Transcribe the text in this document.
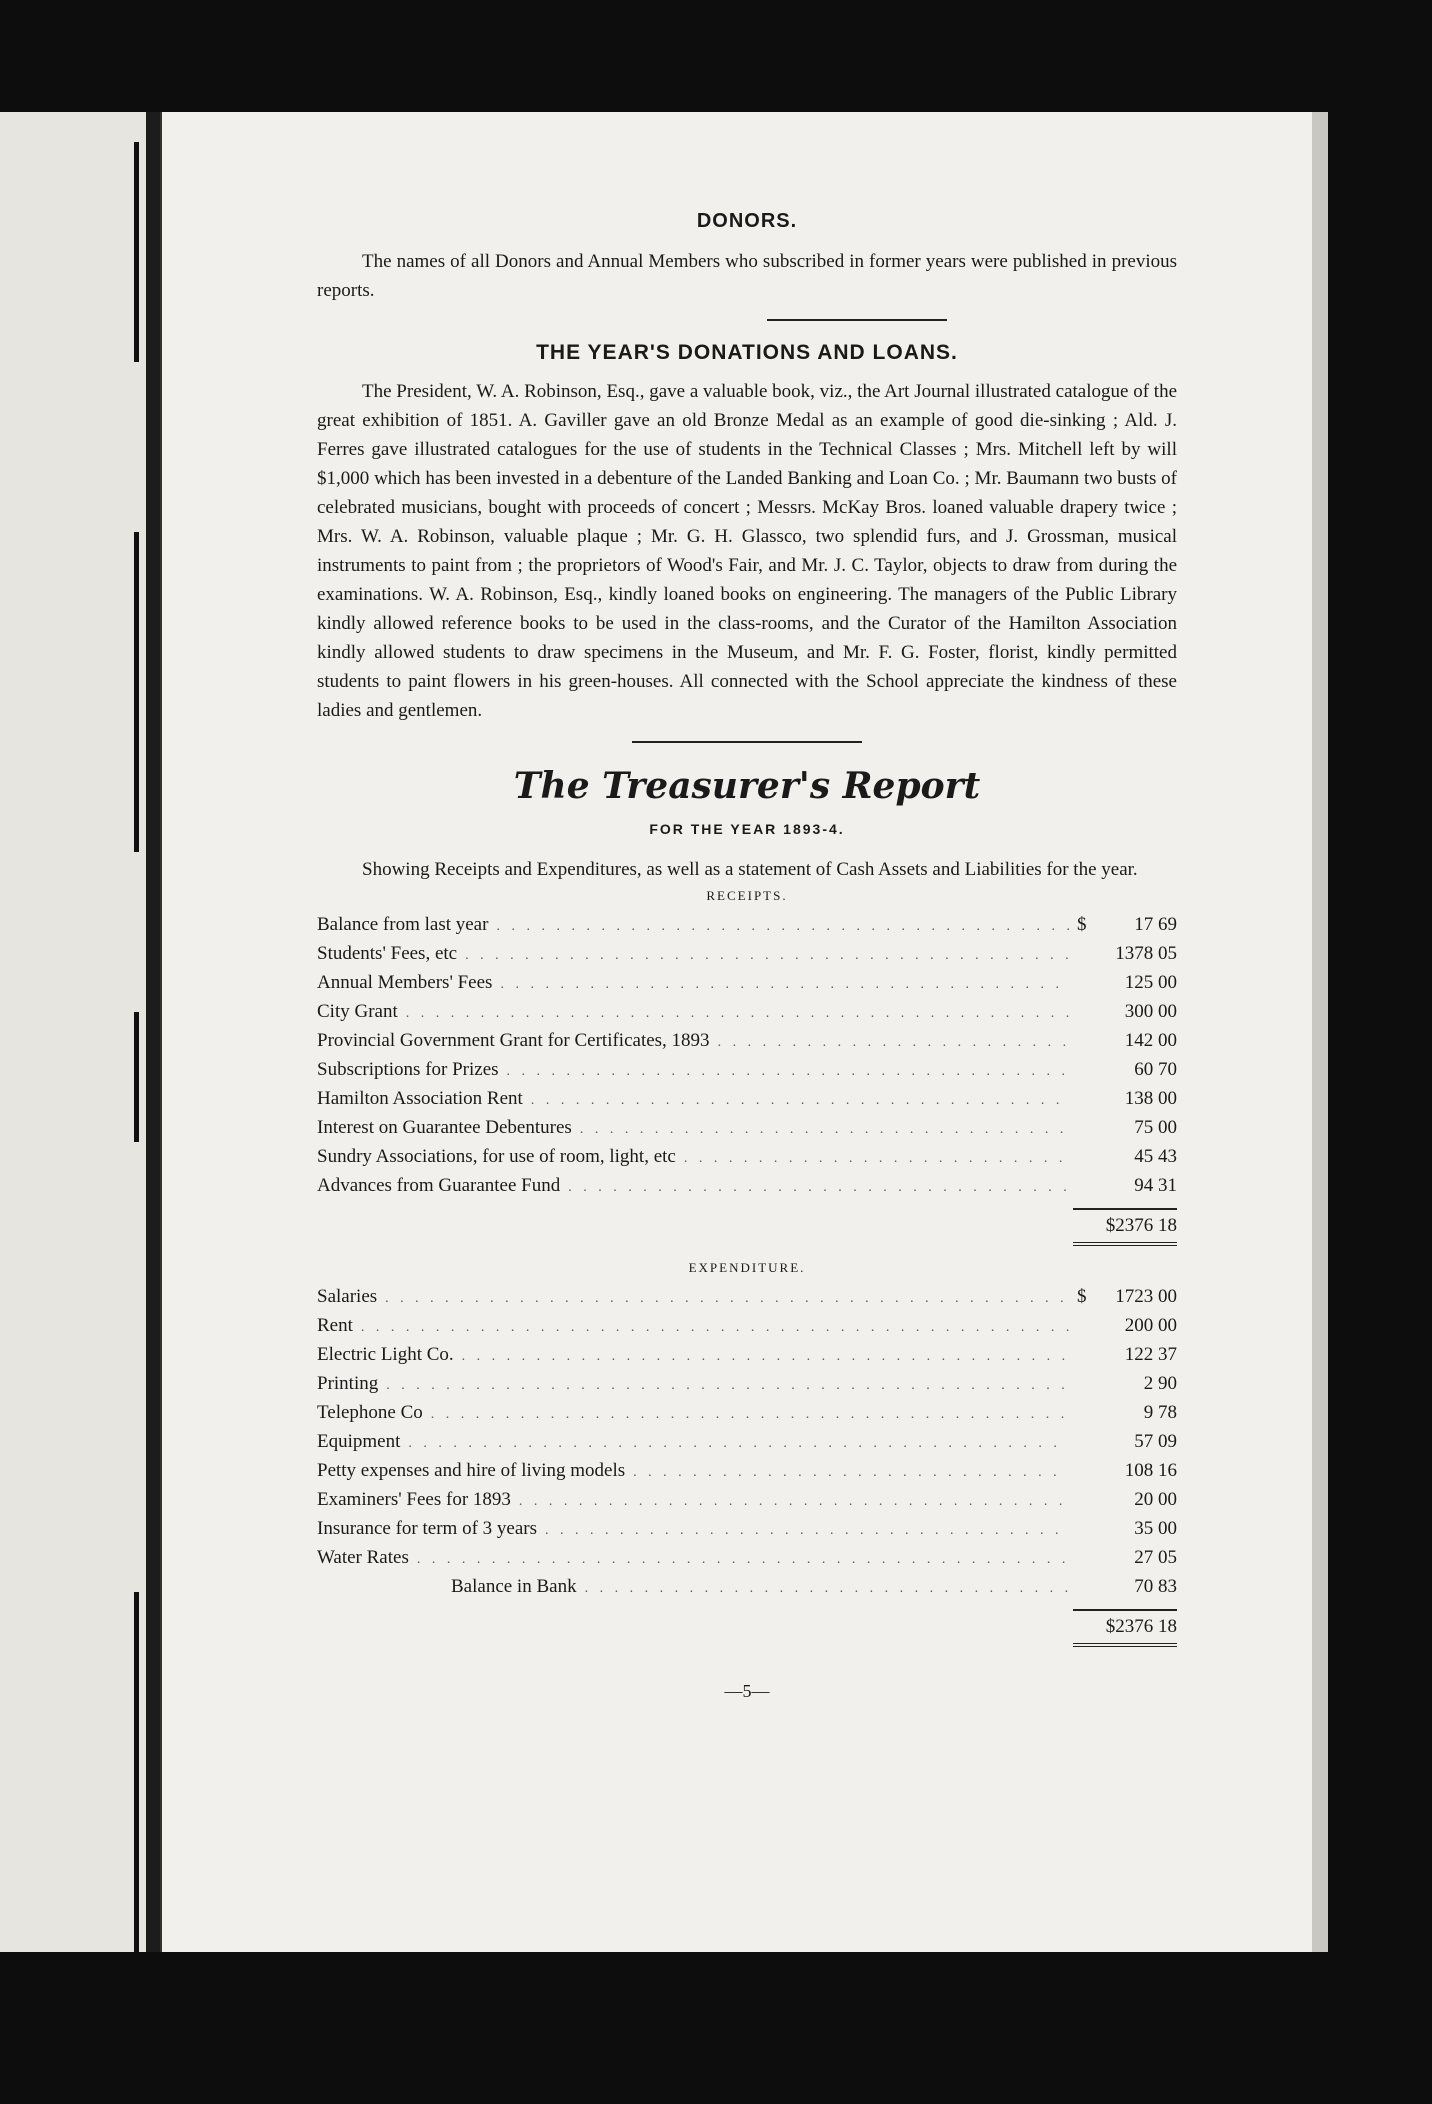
DONORS.

The names of all Donors and Annual Members who subscribed in former years were published in previous reports.

THE YEAR'S DONATIONS AND LOANS.

The President, W. A. Robinson, Esq., gave a valuable book, viz., the Art Journal illustrated catalogue of the great exhibition of 1851. A. Gaviller gave an old Bronze Medal as an example of good die-sinking ; Ald. J. Ferres gave illustrated catalogues for the use of students in the Technical Classes ; Mrs. Mitchell left by will $1,000 which has been invested in a debenture of the Landed Banking and Loan Co. ; Mr. Baumann two busts of celebrated musicians, bought with proceeds of concert ; Messrs. McKay Bros. loaned valuable drapery twice ; Mrs. W. A. Robinson, valuable plaque ; Mr. G. H. Glassco, two splendid furs, and J. Grossman, musical instruments to paint from ; the proprietors of Wood's Fair, and Mr. J. C. Taylor, objects to draw from during the examinations. W. A. Robinson, Esq., kindly loaned books on engineering. The managers of the Public Library kindly allowed reference books to be used in the class-rooms, and the Curator of the Hamilton Association kindly allowed students to draw specimens in the Museum, and Mr. F. G. Foster, florist, kindly permitted students to paint flowers in his green-houses. All connected with the School appreciate the kindness of these ladies and gentlemen.

The Treasurer's Report
FOR THE YEAR 1893-4.

Showing Receipts and Expenditures, as well as a statement of Cash Assets and Liabilities for the year.

RECEIPTS.
Balance from last year . . .	$	17 69
Students' Fees, etc . . .	1378 05
Annual Members' Fees . . .	125 00
City Grant . . .	300 00
Provincial Government Grant for Certificates, 1893 . . .	142 00
Subscriptions for Prizes . . .	60 70
Hamilton Association Rent . . .	138 00
Interest on Guarantee Debentures . . .	75 00
Sundry Associations, for use of room, light, etc . . .	45 43
Advances from Guarantee Fund . . .	94 31
$2376 18
EXPENDITURE.
Salaries . . .	$	1723 00
Rent . . .	200 00
Electric Light Co. . . .	122 37
Printing . . .	2 90
Telephone Co . . .	9 78
Equipment . . .	57 09
Petty expenses and hire of living models . . .	108 16
Examiners' Fees for 1893 . . .	20 00
Insurance for term of 3 years . . .	35 00
Water Rates . . .	27 05
Balance in Bank . . .	70 83
$2376 18
—5—
